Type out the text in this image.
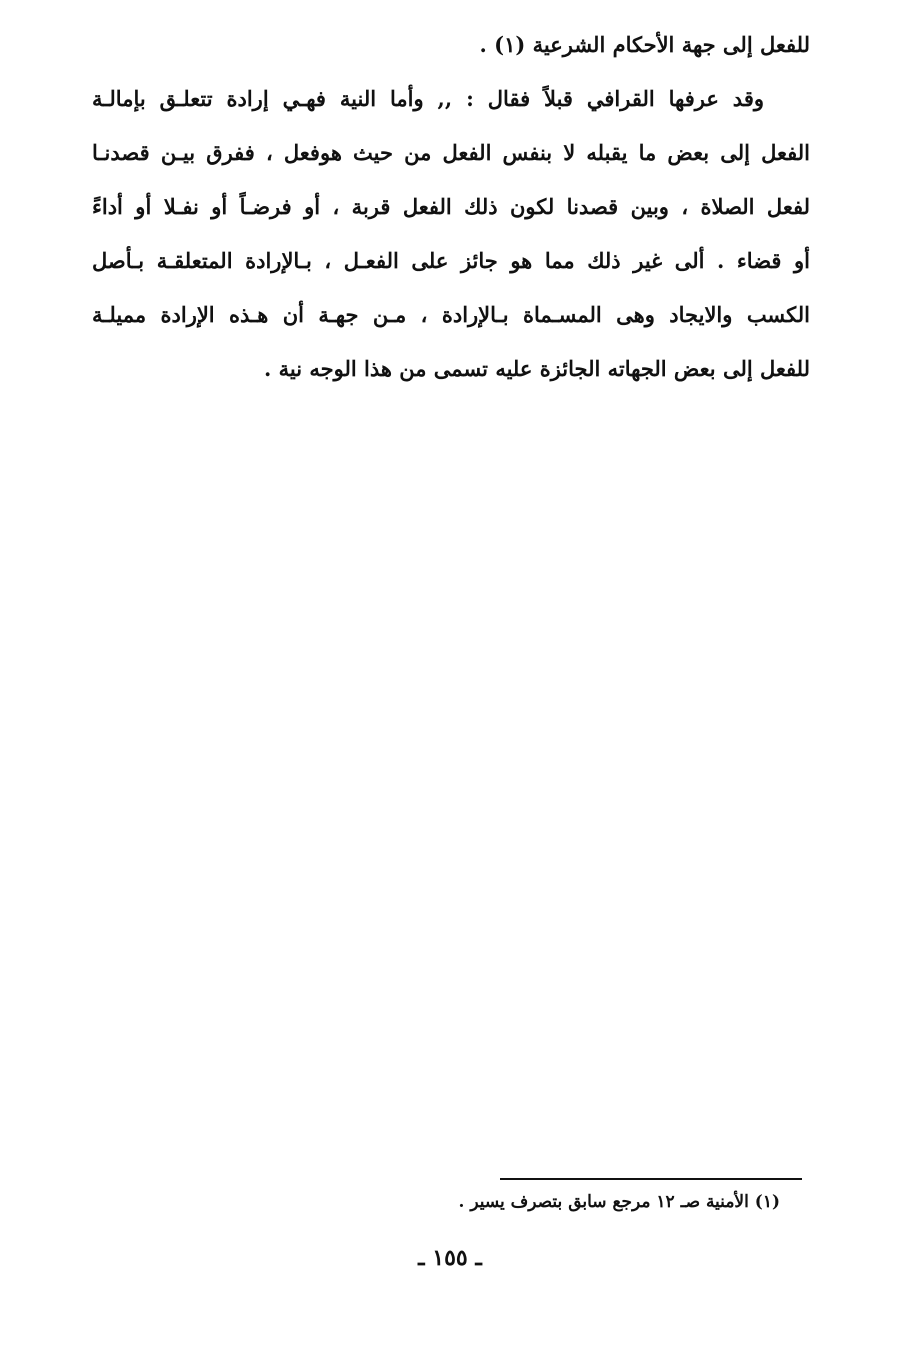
للفعل إلى جهة الأحكام الشرعية (١) .
وقد عرفها القرافي قبلاً فقال : ,, وأما النية فهـي إرادة تتعلـق بإمالـة
الفعل إلى بعض ما يقبله لا بنفس الفعل من حيث هوفعل ، ففرق بيـن قصدنـا
لفعل الصلاة ، وبين قصدنا لكون ذلك الفعل قربة ، أو فرضـاً أو نفـلا أو أداءً
أو قضاء . ألى غير ذلك مما هو جائز على الفعـل ، بـالإرادة المتعلقـة بـأصل
الكسب والايجاد وهى المسـماة بـالإرادة ، مـن جهـة أن هـذه الإرادة مميلـة
للفعل إلى بعض الجهاته الجائزة عليه تسمى من هذا الوجه نية .
(١) الأمنية صـ ١٢ مرجع سابق بتصرف يسير .
ـ ١٥٥ ـ
